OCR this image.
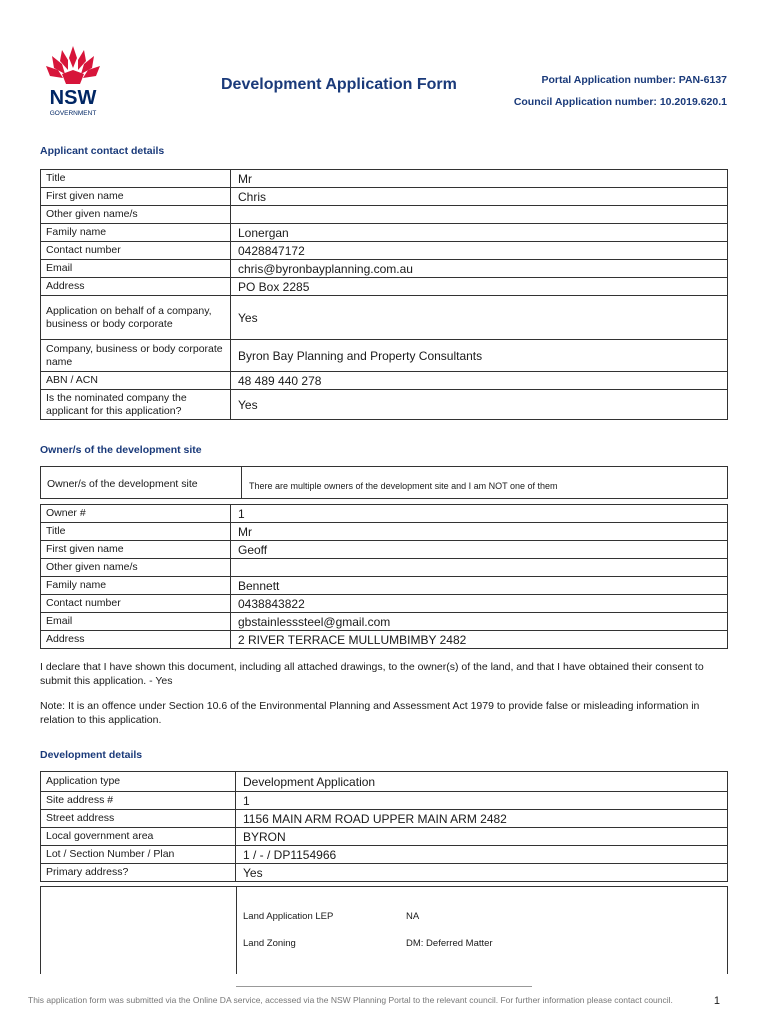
NSW
GOVERNMENT
Development Application Form	Portal Application number: PAN-6137
Council Application number: 10.2019.620.1
Applicant contact details
Title	Mr
First given name	Chris
Other given name/s	
Family name	Lonergan
Contact number	0428847172
Email	chris@byronbayplanning.com.au
Address	PO Box 2285
Application on behalf of a company, business or body corporate	Yes
Company, business or body corporate name	Byron Bay Planning and Property Consultants
ABN / ACN	48 489 440 278
Is the nominated company the applicant for this application?	Yes
Owner/s of the development site
Owner/s of the development site	There are multiple owners of the development site and I am NOT one of them
Owner #	1
Title	Mr
First given name	Geoff
Other given name/s	
Family name	Bennett
Contact number	0438843822
Email	gbstainlesssteel@gmail.com
Address	2 RIVER TERRACE MULLUMBIMBY 2482
I declare that I have shown this document, including all attached drawings, to the owner(s) of the land, and that I have obtained their consent to submit this application. - Yes
Note: It is an offence under Section 10.6 of the Environmental Planning and Assessment Act 1979 to provide false or misleading information in relation to this application.
Development details
Application type	Development Application
Site address #	1
Street address	1156 MAIN ARM ROAD UPPER MAIN ARM 2482
Local government area	BYRON
Lot / Section Number / Plan	1 / - / DP1154966
Primary address?	Yes
Land Application LEP	NA
Land Zoning	DM: Deferred Matter
This application form was submitted via the Online DA service, accessed via the NSW Planning Portal to the relevant council. For further information please contact council.	1
